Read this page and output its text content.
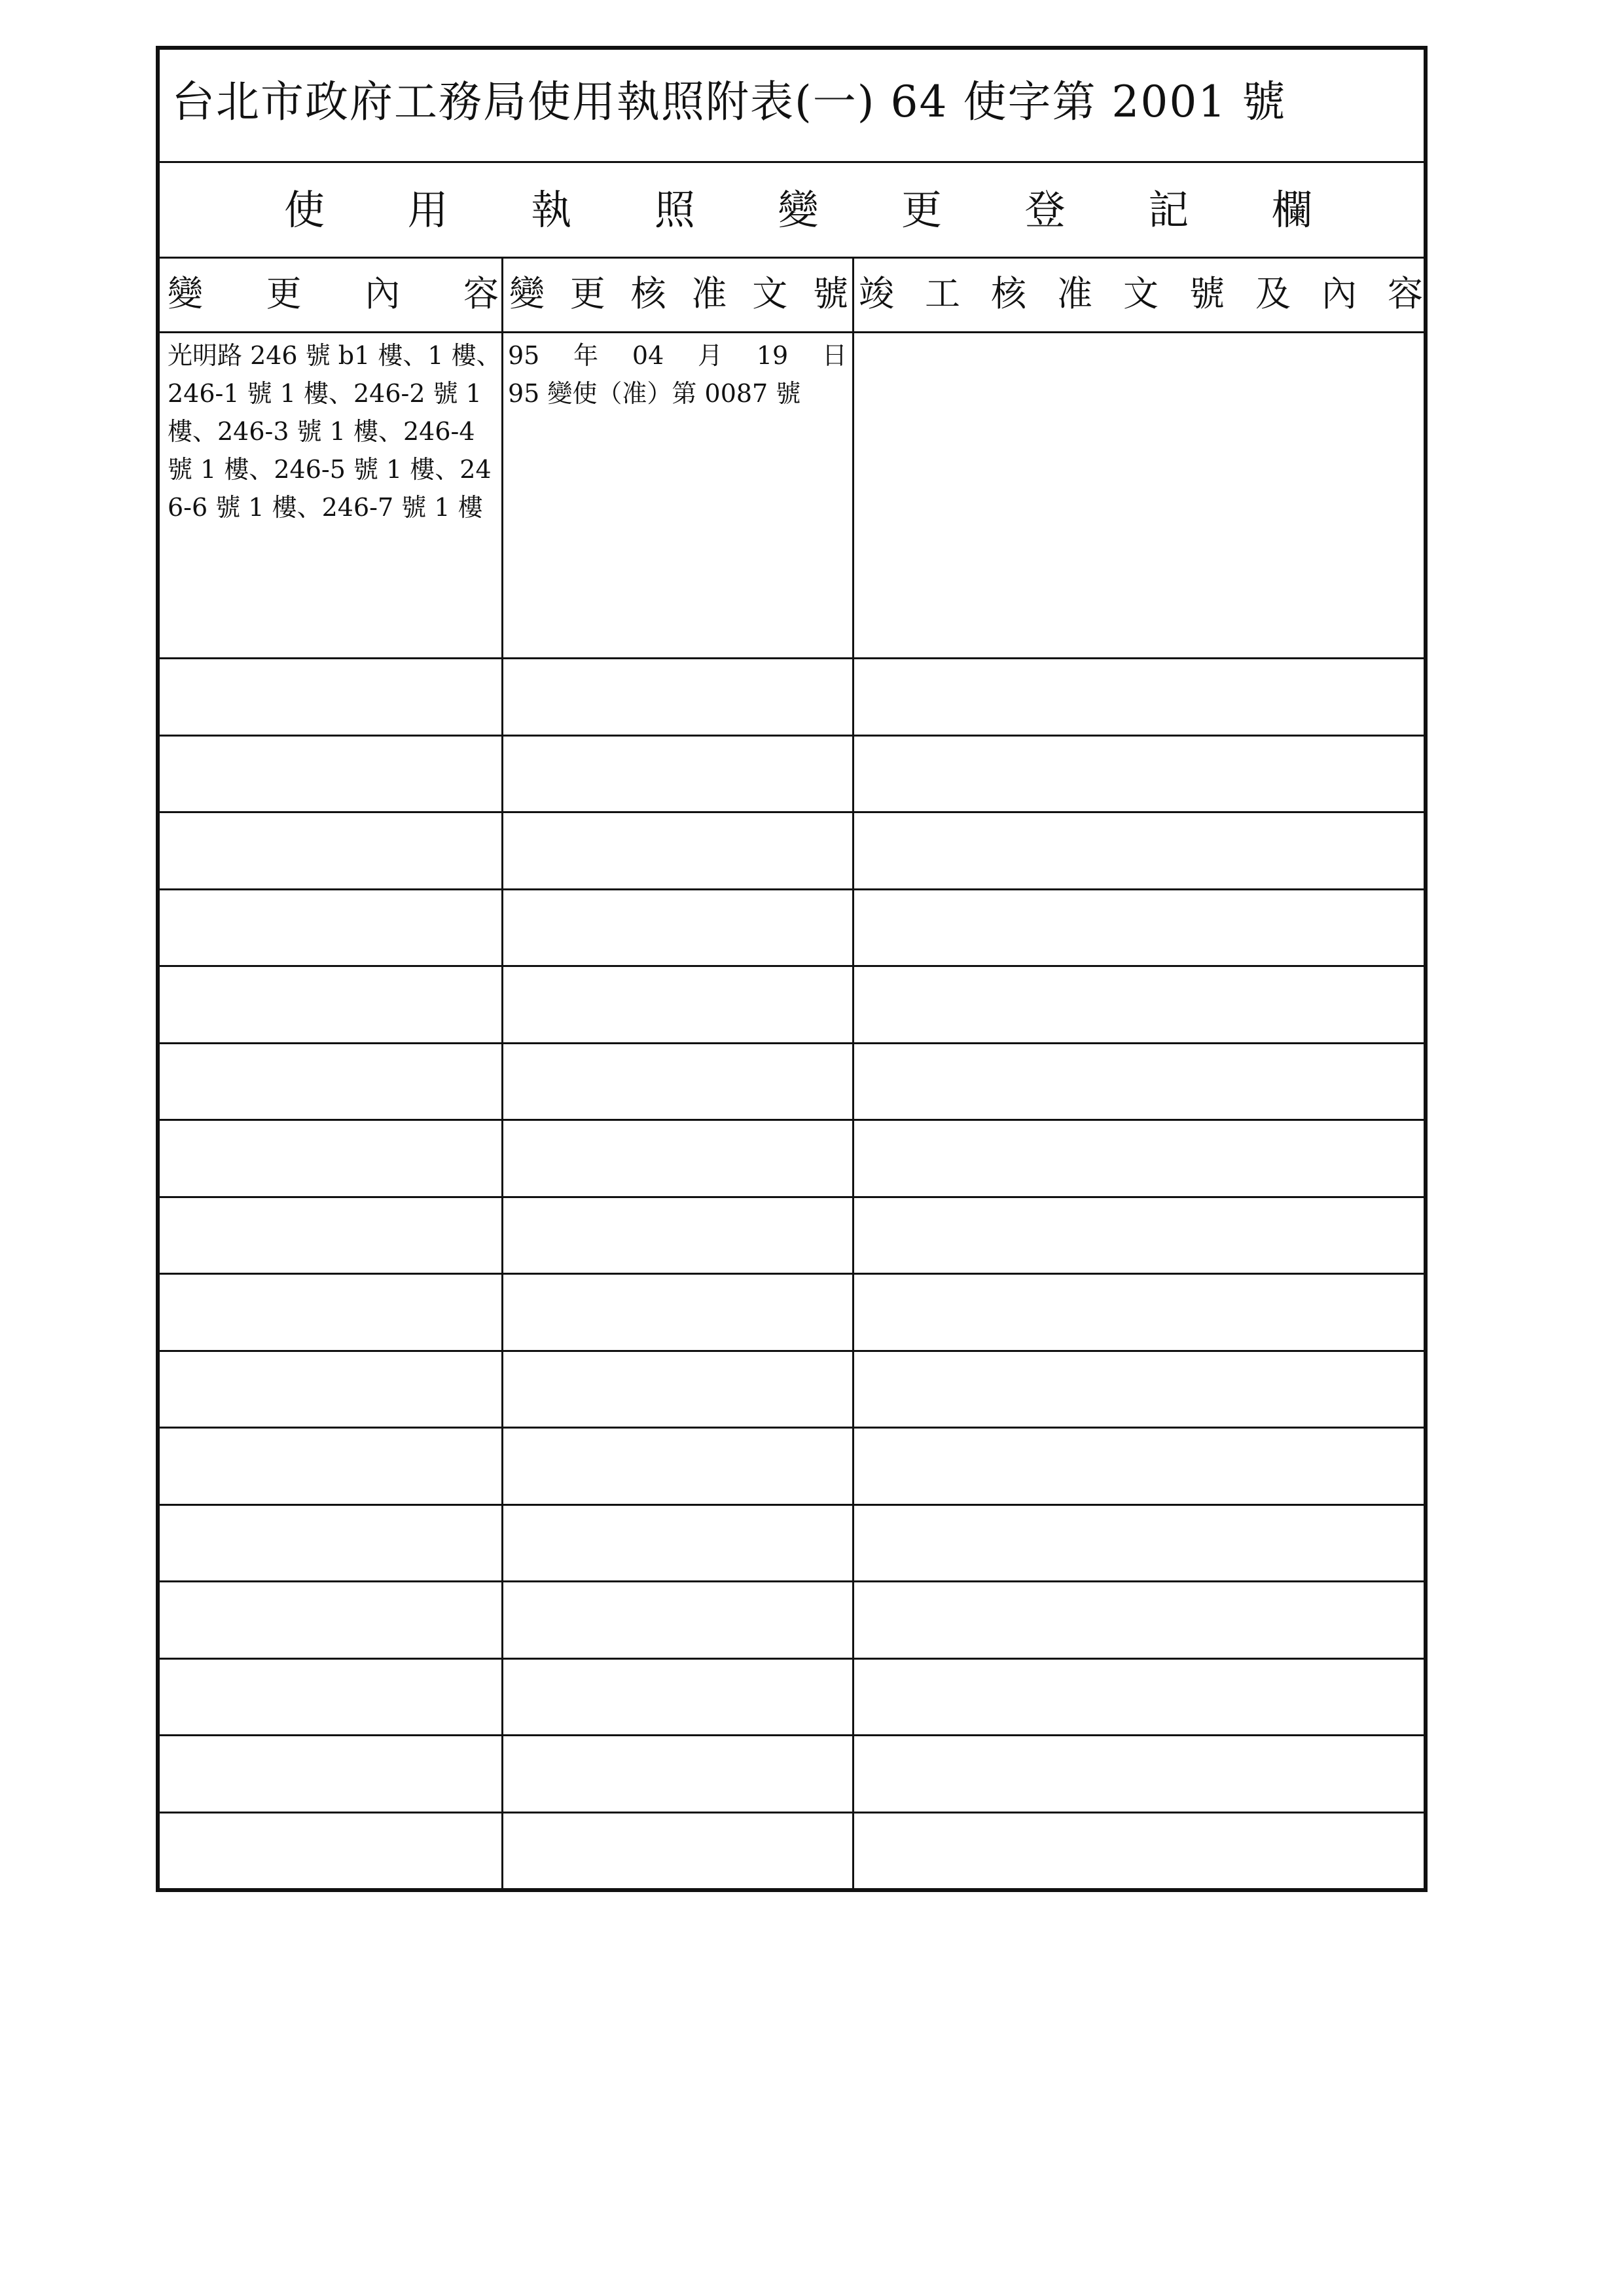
台北市政府工務局使用執照附表(一) 64 使字第 2001 號
使 用 執 照 變 更 登 記 欄
變 更 內 容 變 更 核 准 文 號 竣 工 核 准 文 號 及 內 容
光明路 246 號 b1 樓、1 樓、246-1 號 1 樓、246-2 號 1 樓、246-3 號 1 樓、246-4 號 1 樓、246-5 號 1 樓、246-6 號 1 樓、246-7 號 1 樓
95 年 04 月 19 日
95 變使（准）第 0087 號
